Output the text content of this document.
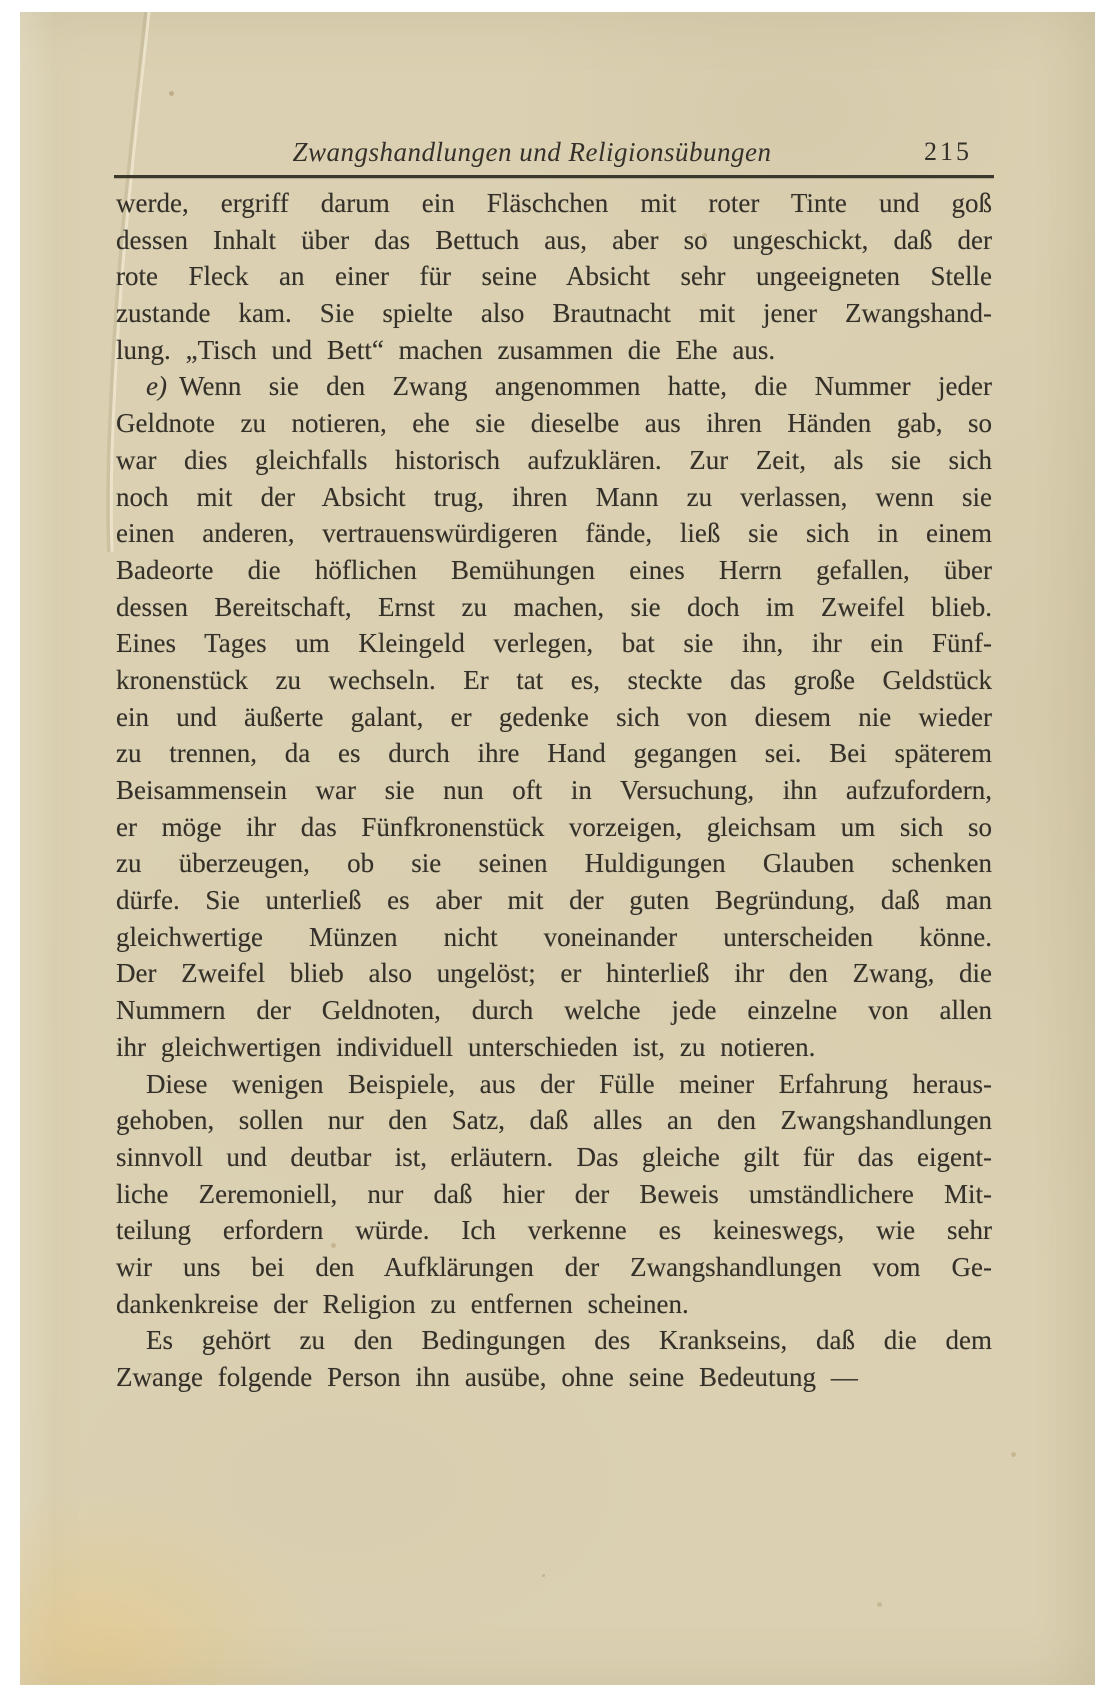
Zwangshandlungen und Religionsübungen	215
werde, ergriff darum ein Fläschchen mit roter Tinte und goß
dessen Inhalt über das Bettuch aus, aber so ungeschickt, daß der
rote Fleck an einer für seine Absicht sehr ungeeigneten Stelle
zustande kam. Sie spielte also Brautnacht mit jener Zwangshand-
lung. „Tisch und Bett“ machen zusammen die Ehe aus.
e) Wenn sie den Zwang angenommen hatte, die Nummer jeder
Geldnote zu notieren, ehe sie dieselbe aus ihren Händen gab, so
war dies gleichfalls historisch aufzuklären. Zur Zeit, als sie sich
noch mit der Absicht trug, ihren Mann zu verlassen, wenn sie
einen anderen, vertrauenswürdigeren fände, ließ sie sich in einem
Badeorte die höflichen Bemühungen eines Herrn gefallen, über
dessen Bereitschaft, Ernst zu machen, sie doch im Zweifel blieb.
Eines Tages um Kleingeld verlegen, bat sie ihn, ihr ein Fünf-
kronenstück zu wechseln. Er tat es, steckte das große Geldstück
ein und äußerte galant, er gedenke sich von diesem nie wieder
zu trennen, da es durch ihre Hand gegangen sei. Bei späterem
Beisammensein war sie nun oft in Versuchung, ihn aufzufordern,
er möge ihr das Fünfkronenstück vorzeigen, gleichsam um sich so
zu überzeugen, ob sie seinen Huldigungen Glauben schenken
dürfe. Sie unterließ es aber mit der guten Begründung, daß man
gleichwertige Münzen nicht voneinander unterscheiden könne.
Der Zweifel blieb also ungelöst; er hinterließ ihr den Zwang, die
Nummern der Geldnoten, durch welche jede einzelne von allen
ihr gleichwertigen individuell unterschieden ist, zu notieren.
Diese wenigen Beispiele, aus der Fülle meiner Erfahrung heraus-
gehoben, sollen nur den Satz, daß alles an den Zwangshandlungen
sinnvoll und deutbar ist, erläutern. Das gleiche gilt für das eigent-
liche Zeremoniell, nur daß hier der Beweis umständlichere Mit-
teilung erfordern würde. Ich verkenne es keineswegs, wie sehr
wir uns bei den Aufklärungen der Zwangshandlungen vom Ge-
dankenkreise der Religion zu entfernen scheinen.
Es gehört zu den Bedingungen des Krankseins, daß die dem
Zwange folgende Person ihn ausübe, ohne seine Bedeutung —
